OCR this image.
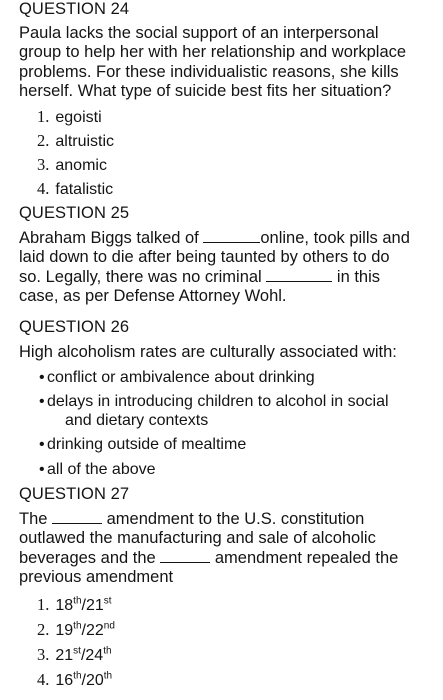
QUESTION 24
Paula lacks the social support of an interpersonal
group to help her with her relationship and workplace
problems. For these individualistic reasons, she kills
herself. What type of suicide best fits her situation?
1. egoisti
2. altruistic
3. anomic
4. fatalistic
QUESTION 25
Abraham Biggs talked of	online, took pills and
laid down to die after being taunted by others to do
so. Legally, there was no criminal	in this
case, as per Defense Attorney Wohl.
QUESTION 26
High alcoholism rates are culturally associated with:
• conflict or ambivalence about drinking
• delays in introducing children to alcohol in social
and dietary contexts
• drinking outside of mealtime
• all of the above
QUESTION 27
The	amendment to the U.S. constitution
outlawed the manufacturing and sale of alcoholic
beverages and the	amendment repealed the
previous amendment
1. 18th/21st
2. 19th/22nd
3. 21st/24th
4. 16th/20th
